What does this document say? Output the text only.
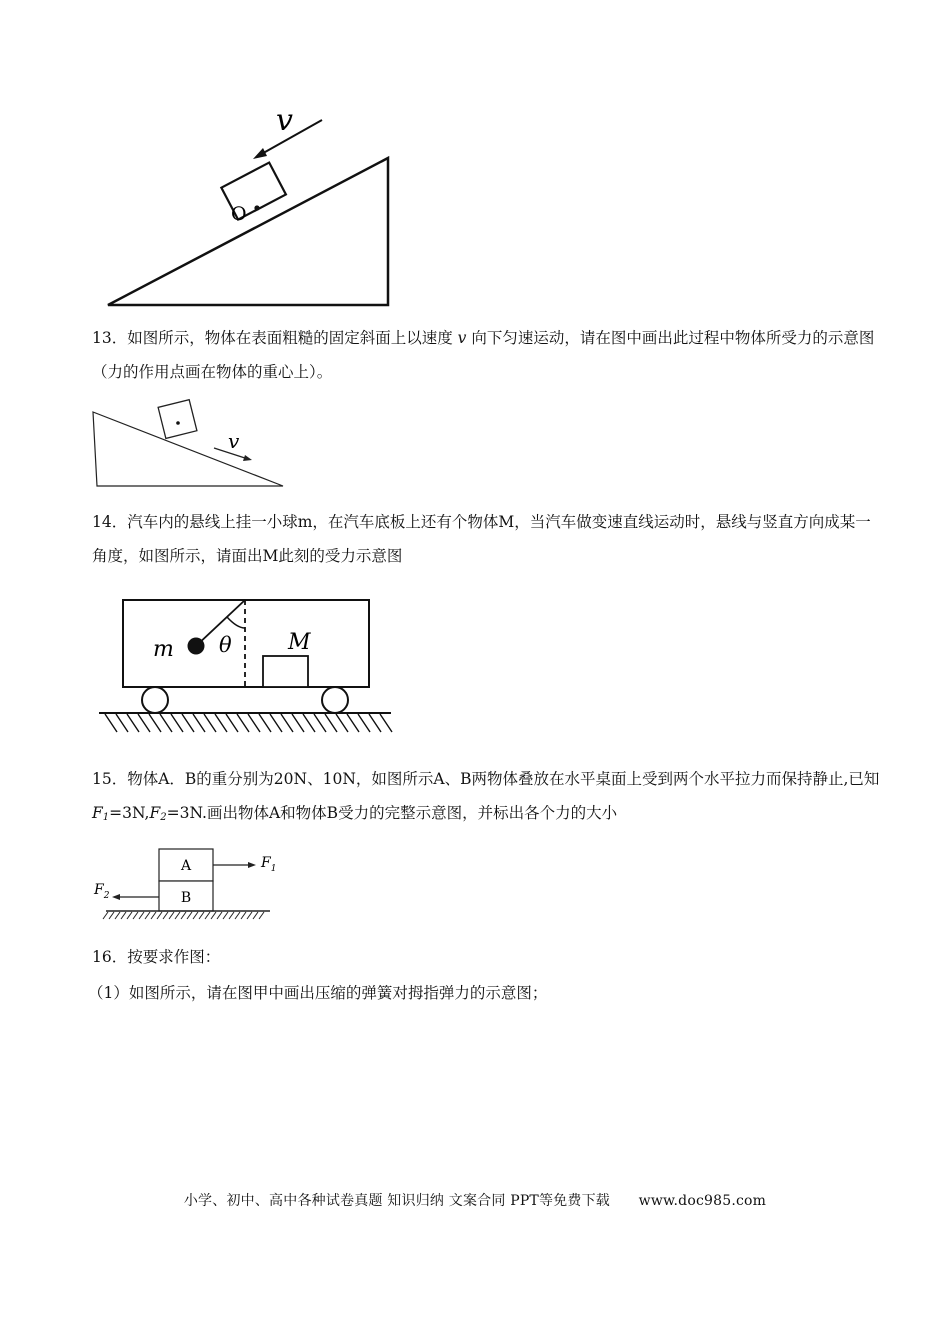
O
v

13．如图所示，物体在表面粗糙的固定斜面上以速度 v 向下匀速运动，请在图中画出此过程中物体所受力的示意图（力的作用点画在物体的重心上）。

v

14．汽车内的悬线上挂一小球m，在汽车底板上还有个物体M，当汽车做变速直线运动时，悬线与竖直方向成某一角度，如图所示，请面出M此刻的受力示意图

m θ	M

15．物体A．B的重分别为20N、10N，如图所示A、B两物体叠放在水平桌面上受到两个水平拉力而保持静止,已知 $F_1=3N,F_2=3N$.画出物体A和物体B受力的完整示意图，并标出各个力的大小

A
B
$F_1$
$F_2$

16．按要求作图：

（1）如图所示，请在图甲中画出压缩的弹簧对拇指弹力的示意图；

小学、初中、高中各种试卷真题 知识归纳 文案合同 PPT等免费下载 www.doc985.com
